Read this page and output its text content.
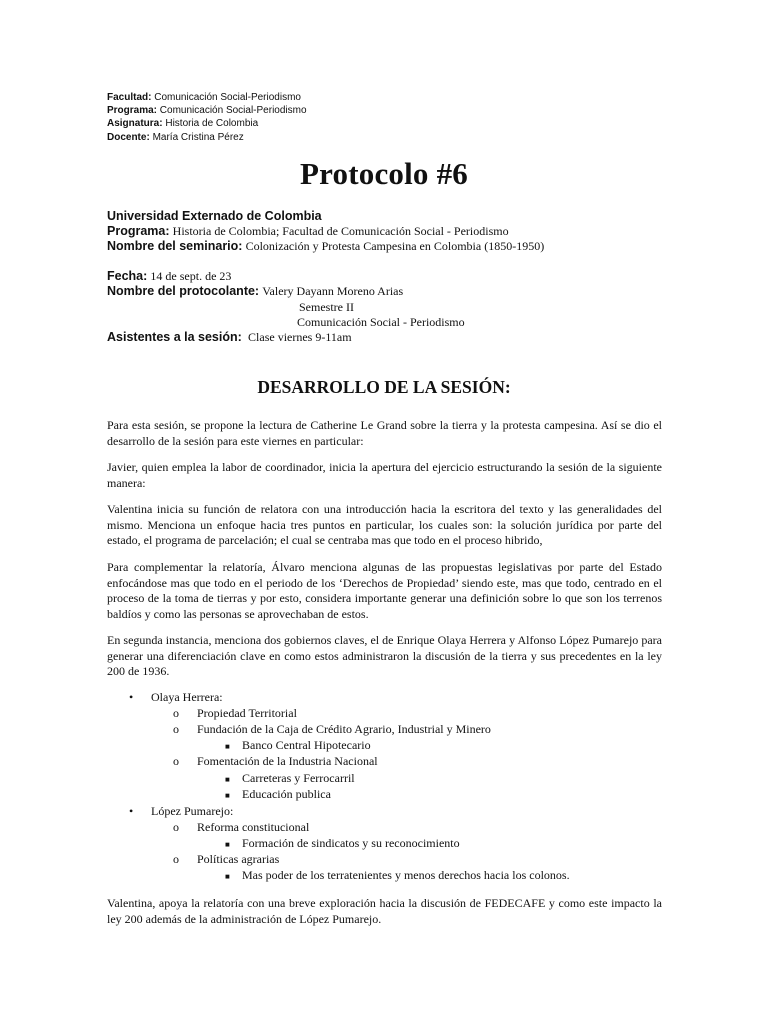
Facultad: Comunicación Social-Periodismo
Programa: Comunicación Social-Periodismo
Asignatura: Historia de Colombia
Docente: María Cristina Pérez
Protocolo #6
Universidad Externado de Colombia
Programa: Historia de Colombia; Facultad de Comunicación Social - Periodismo
Nombre del seminario: Colonización y Protesta Campesina en Colombia (1850-1950)
Fecha: 14 de sept. de 23
Nombre del protocolante: Valery Dayann Moreno Arias
Semestre II
Comunicación Social - Periodismo
Asistentes a la sesión: Clase viernes 9-11am
DESARROLLO DE LA SESIÓN:
Para esta sesión, se propone la lectura de Catherine Le Grand sobre la tierra y la protesta campesina. Así se dio el desarrollo de la sesión para este viernes en particular:
Javier, quien emplea la labor de coordinador, inicia la apertura del ejercicio estructurando la sesión de la siguiente manera:
Valentina inicia su función de relatora con una introducción hacia la escritora del texto y las generalidades del mismo. Menciona un enfoque hacia tres puntos en particular, los cuales son: la solución jurídica por parte del estado, el programa de parcelación; el cual se centraba mas que todo en el proceso hibrido,
Para complementar la relatoría, Álvaro menciona algunas de las propuestas legislativas por parte del Estado enfocándose mas que todo en el periodo de los ‘Derechos de Propiedad’ siendo este, mas que todo, centrado en el proceso de la toma de tierras y por esto, considera importante generar una definición sobre lo que son los terrenos baldíos y como las personas se aprovechaban de estos.
En segunda instancia, menciona dos gobiernos claves, el de Enrique Olaya Herrera y Alfonso López Pumarejo para generar una diferenciación clave en como estos administraron la discusión de la tierra y sus precedentes en la ley 200 de 1936.
• Olaya Herrera:
o Propiedad Territorial
o Fundación de la Caja de Crédito Agrario, Industrial y Minero
■ Banco Central Hipotecario
o Fomentación de la Industria Nacional
■ Carreteras y Ferrocarril
■ Educación publica
• López Pumarejo:
o Reforma constitucional
■ Formación de sindicatos y su reconocimiento
o Políticas agrarias
■ Mas poder de los terratenientes y menos derechos hacia los colonos.
Valentina, apoya la relatoría con una breve exploración hacia la discusión de FEDECAFE y como este impacto la ley 200 además de la administración de López Pumarejo.
